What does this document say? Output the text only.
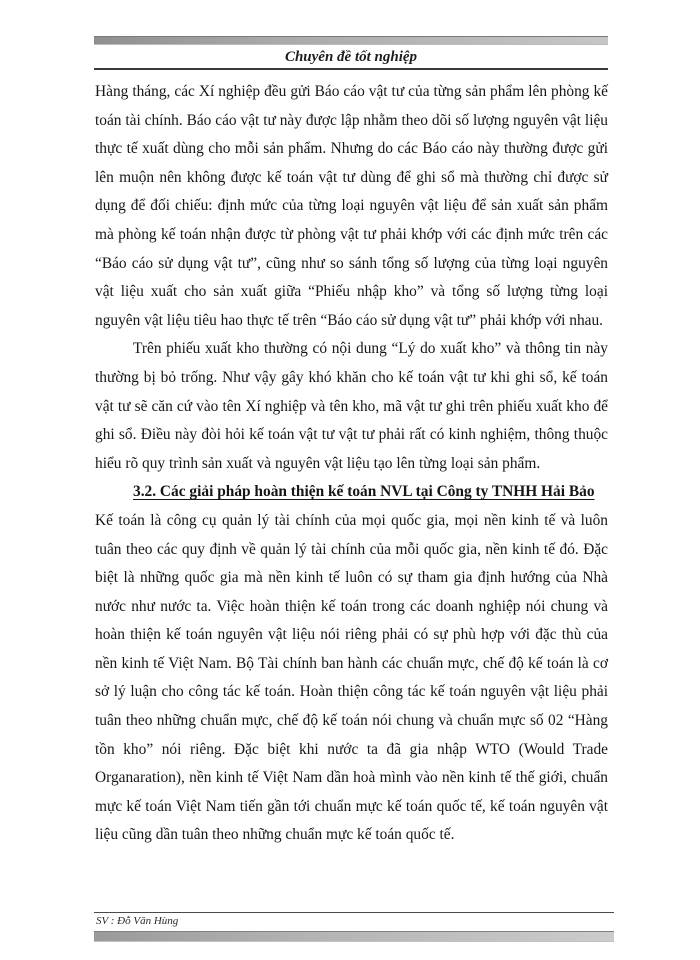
Chuyên đề tốt nghiệp

Hàng tháng, các Xí nghiệp đều gửi Báo cáo vật tư của từng sản phẩm lên phòng kế toán tài chính. Báo cáo vật tư này được lập nhằm theo dõi số lượng nguyên vật liệu thực tế xuất dùng cho mỗi sản phẩm. Nhưng do các Báo cáo này thường được gửi lên muộn nên không được kế toán vật tư dùng để ghi sổ mà thường chỉ được sử dụng để đối chiếu: định mức của từng loại nguyên vật liệu để sản xuất sản phẩm mà phòng kế toán nhận được từ phòng vật tư phải khớp với các định mức trên các “Báo cáo sử dụng vật tư”, cũng như so sánh tổng số lượng của từng loại nguyên vật liệu xuất cho sản xuất giữa “Phiếu nhập kho” và tổng số lượng từng loại nguyên vật liệu tiêu hao thực tế trên “Báo cáo sử dụng vật tư” phải khớp với nhau.

Trên phiếu xuất kho thường có nội dung “Lý do xuất kho” và thông tin này thường bị bỏ trống. Như vậy gây khó khăn cho kế toán vật tư khi ghi sổ, kế toán vật tư sẽ căn cứ vào tên Xí nghiệp và tên kho, mã vật tư ghi trên phiếu xuất kho để ghi sổ. Điều này đòi hỏi kế toán vật tư vật tư phải rất có kinh nghiệm, thông thuộc hiểu rõ quy trình sản xuất và nguyên vật liệu tạo lên từng loại sản phẩm.

3.2. Các giải pháp hoàn thiện kế toán NVL tại Công ty TNHH Hải Bảo

Kế toán là công cụ quản lý tài chính của mọi quốc gia, mọi nền kinh tế và luôn tuân theo các quy định về quản lý tài chính của mỗi quốc gia, nền kinh tế đó. Đặc biệt là những quốc gia mà nền kinh tế luôn có sự tham gia định hướng của Nhà nước như nước ta. Việc hoàn thiện kế toán trong các doanh nghiệp nói chung và hoàn thiện kế toán nguyên vật liệu nói riêng phải có sự phù hợp với đặc thù của nền kinh tế Việt Nam. Bộ Tài chính ban hành các chuẩn mực, chế độ kế toán là cơ sở lý luận cho công tác kế toán. Hoàn thiện công tác kế toán nguyên vật liệu phải tuân theo những chuẩn mực, chế độ kế toán nói chung và chuẩn mực số 02 “Hàng tồn kho” nói riêng. Đặc biệt khi nước ta đã gia nhập WTO (Would Trade Organaration), nền kinh tế Việt Nam dần hoà mình vào nền kinh tế thế giới, chuẩn mực kế toán Việt Nam tiến gần tới chuẩn mực kế toán quốc tế, kế toán nguyên vật liệu cũng dần tuân theo những chuẩn mực kế toán quốc tế.

SV : Đỗ Văn Hùng
